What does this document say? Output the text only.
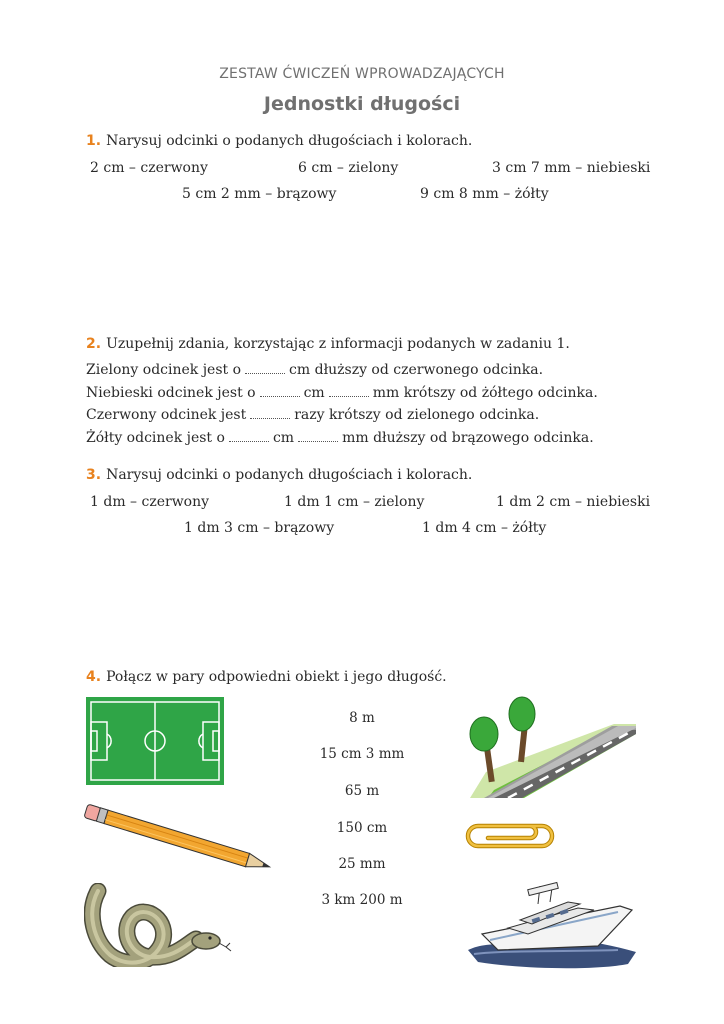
ZESTAW ĆWICZEŃ WPROWADZAJĄCYCH
Jednostki długości
1. Narysuj odcinki o podanych długościach i kolorach.
2 cm – czerwony	6 cm – zielony	3 cm 7 mm – niebieski
5 cm 2 mm – brązowy	9 cm 8 mm – żółty
2. Uzupełnij zdania, korzystając z informacji podanych w zadaniu 1.
Zielony odcinek jest o	cm dłuższy od czerwonego odcinka.
Niebieski odcinek jest o	cm	mm krótszy od żółtego odcinka.
Czerwony odcinek jest	razy krótszy od zielonego odcinka.
Żółty odcinek jest o	cm	mm dłuższy od brązowego odcinka.
3. Narysuj odcinki o podanych długościach i kolorach.
1 dm – czerwony	1 dm 1 cm – zielony	1 dm 2 cm – niebieski
1 dm 3 cm – brązowy	1 dm 4 cm – żółty
4. Połącz w pary odpowiedni obiekt i jego długość.
8 m
15 cm 3 mm
65 m
150 cm
25 mm
3 km 200 m
